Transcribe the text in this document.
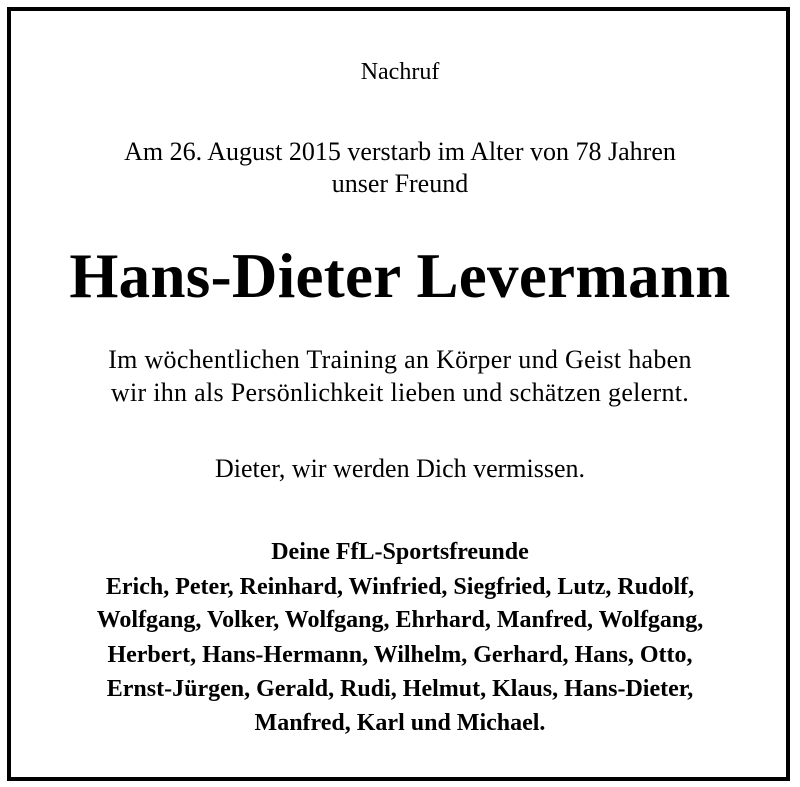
Nachruf
Am 26. August 2015 verstarb im Alter von 78 Jahren
unser Freund
Hans-Dieter Levermann
Im wöchentlichen Training an Körper und Geist haben
wir ihn als Persönlichkeit lieben und schätzen gelernt.
Dieter, wir werden Dich vermissen.
Deine FfL-Sportsfreunde
Erich, Peter, Reinhard, Winfried, Siegfried, Lutz, Rudolf,
Wolfgang, Volker, Wolfgang, Ehrhard, Manfred, Wolfgang,
Herbert, Hans-Hermann, Wilhelm, Gerhard, Hans, Otto,
Ernst-Jürgen, Gerald, Rudi, Helmut, Klaus, Hans-Dieter,
Manfred, Karl und Michael.
